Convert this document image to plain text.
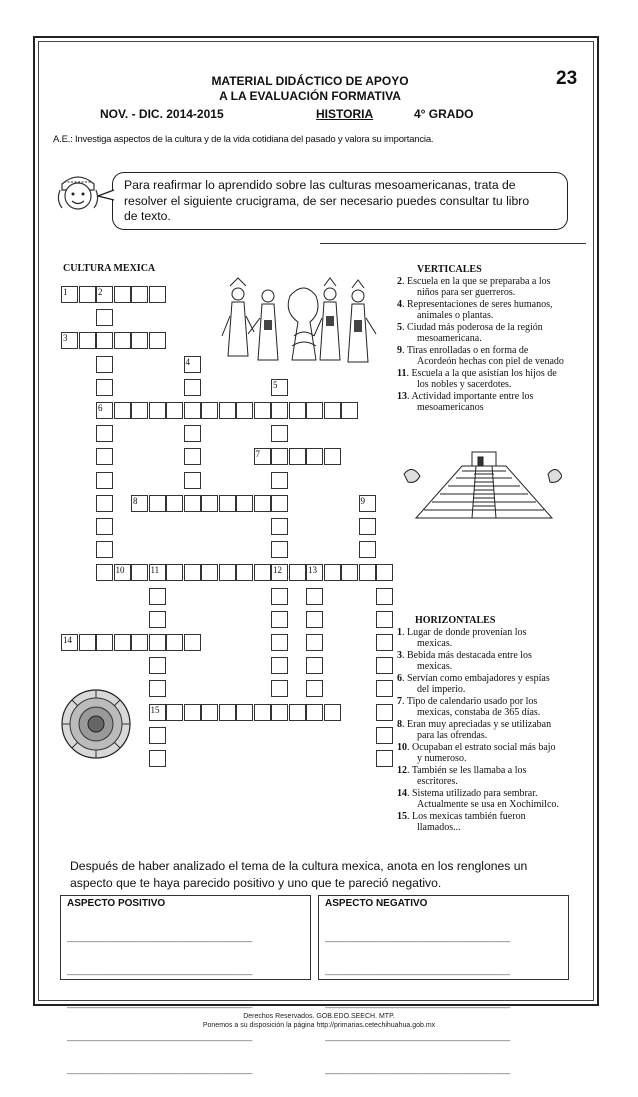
MATERIAL DIDÁCTICO DE APOYO
A LA EVALUACIÓN FORMATIVA
23
NOV. - DIC. 2014-2015	HISTORIA	4° GRADO
A.E.: Investiga aspectos de la cultura y de la vida cotidiana del pasado y valora su importancia.
Para reafirmar lo aprendido sobre las culturas mesoamericanas, trata de
resolver el siguiente crucigrama, de ser necesario puedes consultar tu libro
de texto.
CULTURA MEXICA
1	2
3
4
5
6
7
8	9
10	11	12	13
14
15
VERTICALES
2. Escuela en la que se preparaba a los
niños para ser guerreros.
4. Representaciones de seres humanos,
animales o plantas.
5. Ciudad más poderosa de la región
mesoamericana.
9. Tiras enrolladas o en forma de
Acordeón hechas con piel de venado
11. Escuela a la que asistían los hijos de
los nobles y sacerdotes.
13. Actividad importante entre los
mesoamericanos
HORIZONTALES
1. Lugar de donde provenían los
mexicas.
3. Bebida más destacada entre los
mexicas.
6. Servían como embajadores y espías
del imperio.
7. Tipo de calendario usado por los
mexicas, constaba de 365 días.
8. Eran muy apreciadas y se utilizaban
para las ofrendas.
10. Ocupaban el estrato social más bajo
y numeroso.
12. También se les llamaba a los
escritores.
14. Sistema utilizado para sembrar.
Actualmente se usa en Xochimilco.
15. Los mexicas también fueron
llamados...
Después de haber analizado el tema de la cultura mexica, anota en los renglones un
aspecto que te haya parecido positivo y uno que te pareció negativo.
ASPECTO POSITIVO

_________________________________________

_________________________________________

_________________________________________

_________________________________________

_________________________________________

ASPECTO NEGATIVO

_________________________________________

_________________________________________

_________________________________________

_________________________________________

_________________________________________

Derechos Reservados. GOB.EDO.SEECH. MTP.
Ponemos a su disposición la página http://primarias.cetechihuahua.gob.mx
